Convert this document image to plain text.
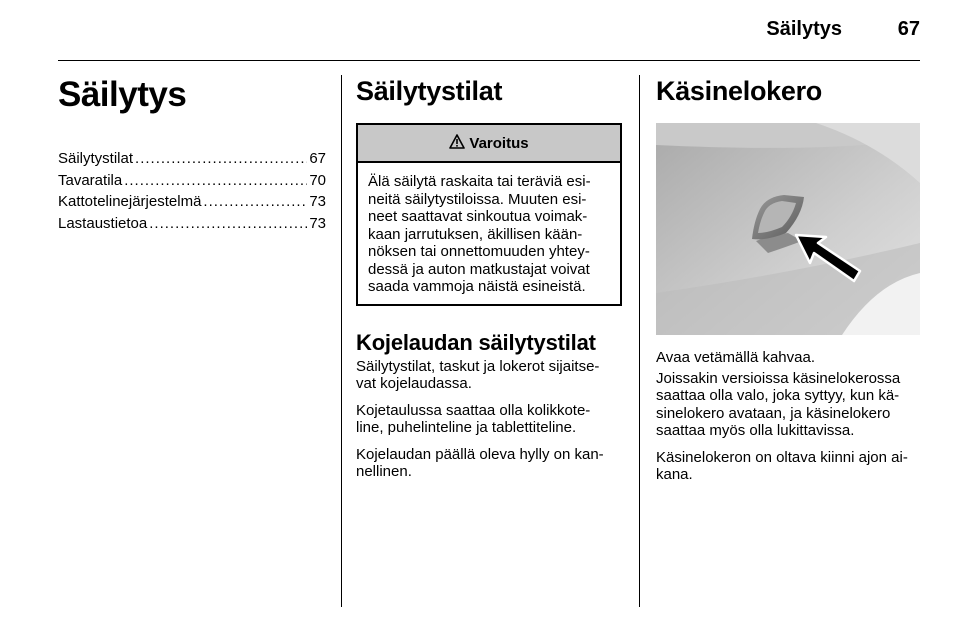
Säilytys	67
Säilytys
Säilytystilat .....	67
Tavaratila .....	70
Kattotelinejärjestelmä .....	73
Lastaustietoa .....	73
Säilytystilat
Varoitus
Älä säilytä raskaita tai teräviä esi-
neitä säilytystiloissa. Muuten esi-
neet saattavat sinkoutua voimak-
kaan jarrutuksen, äkillisen kään-
nöksen tai onnettomuuden yhtey-
dessä ja auton matkustajat voivat
saada vammoja näistä esineistä.
Kojelaudan säilytystilat

Säilytystilat, taskut ja lokerot sijaitse-
vat kojelaudassa.

Kojetaulussa saattaa olla kolikkote-
line, puhelinteline ja tablettiteline.

Kojelaudan päällä oleva hylly on kan-
nellinen.

Käsinelokero

Avaa vetämällä kahvaa.

Joissakin versioissa käsinelokerossa
saattaa olla valo, joka syttyy, kun kä-
sinelokero avataan, ja käsinelokero
saattaa myös olla lukittavissa.

Käsinelokeron on oltava kiinni ajon ai-
kana.
